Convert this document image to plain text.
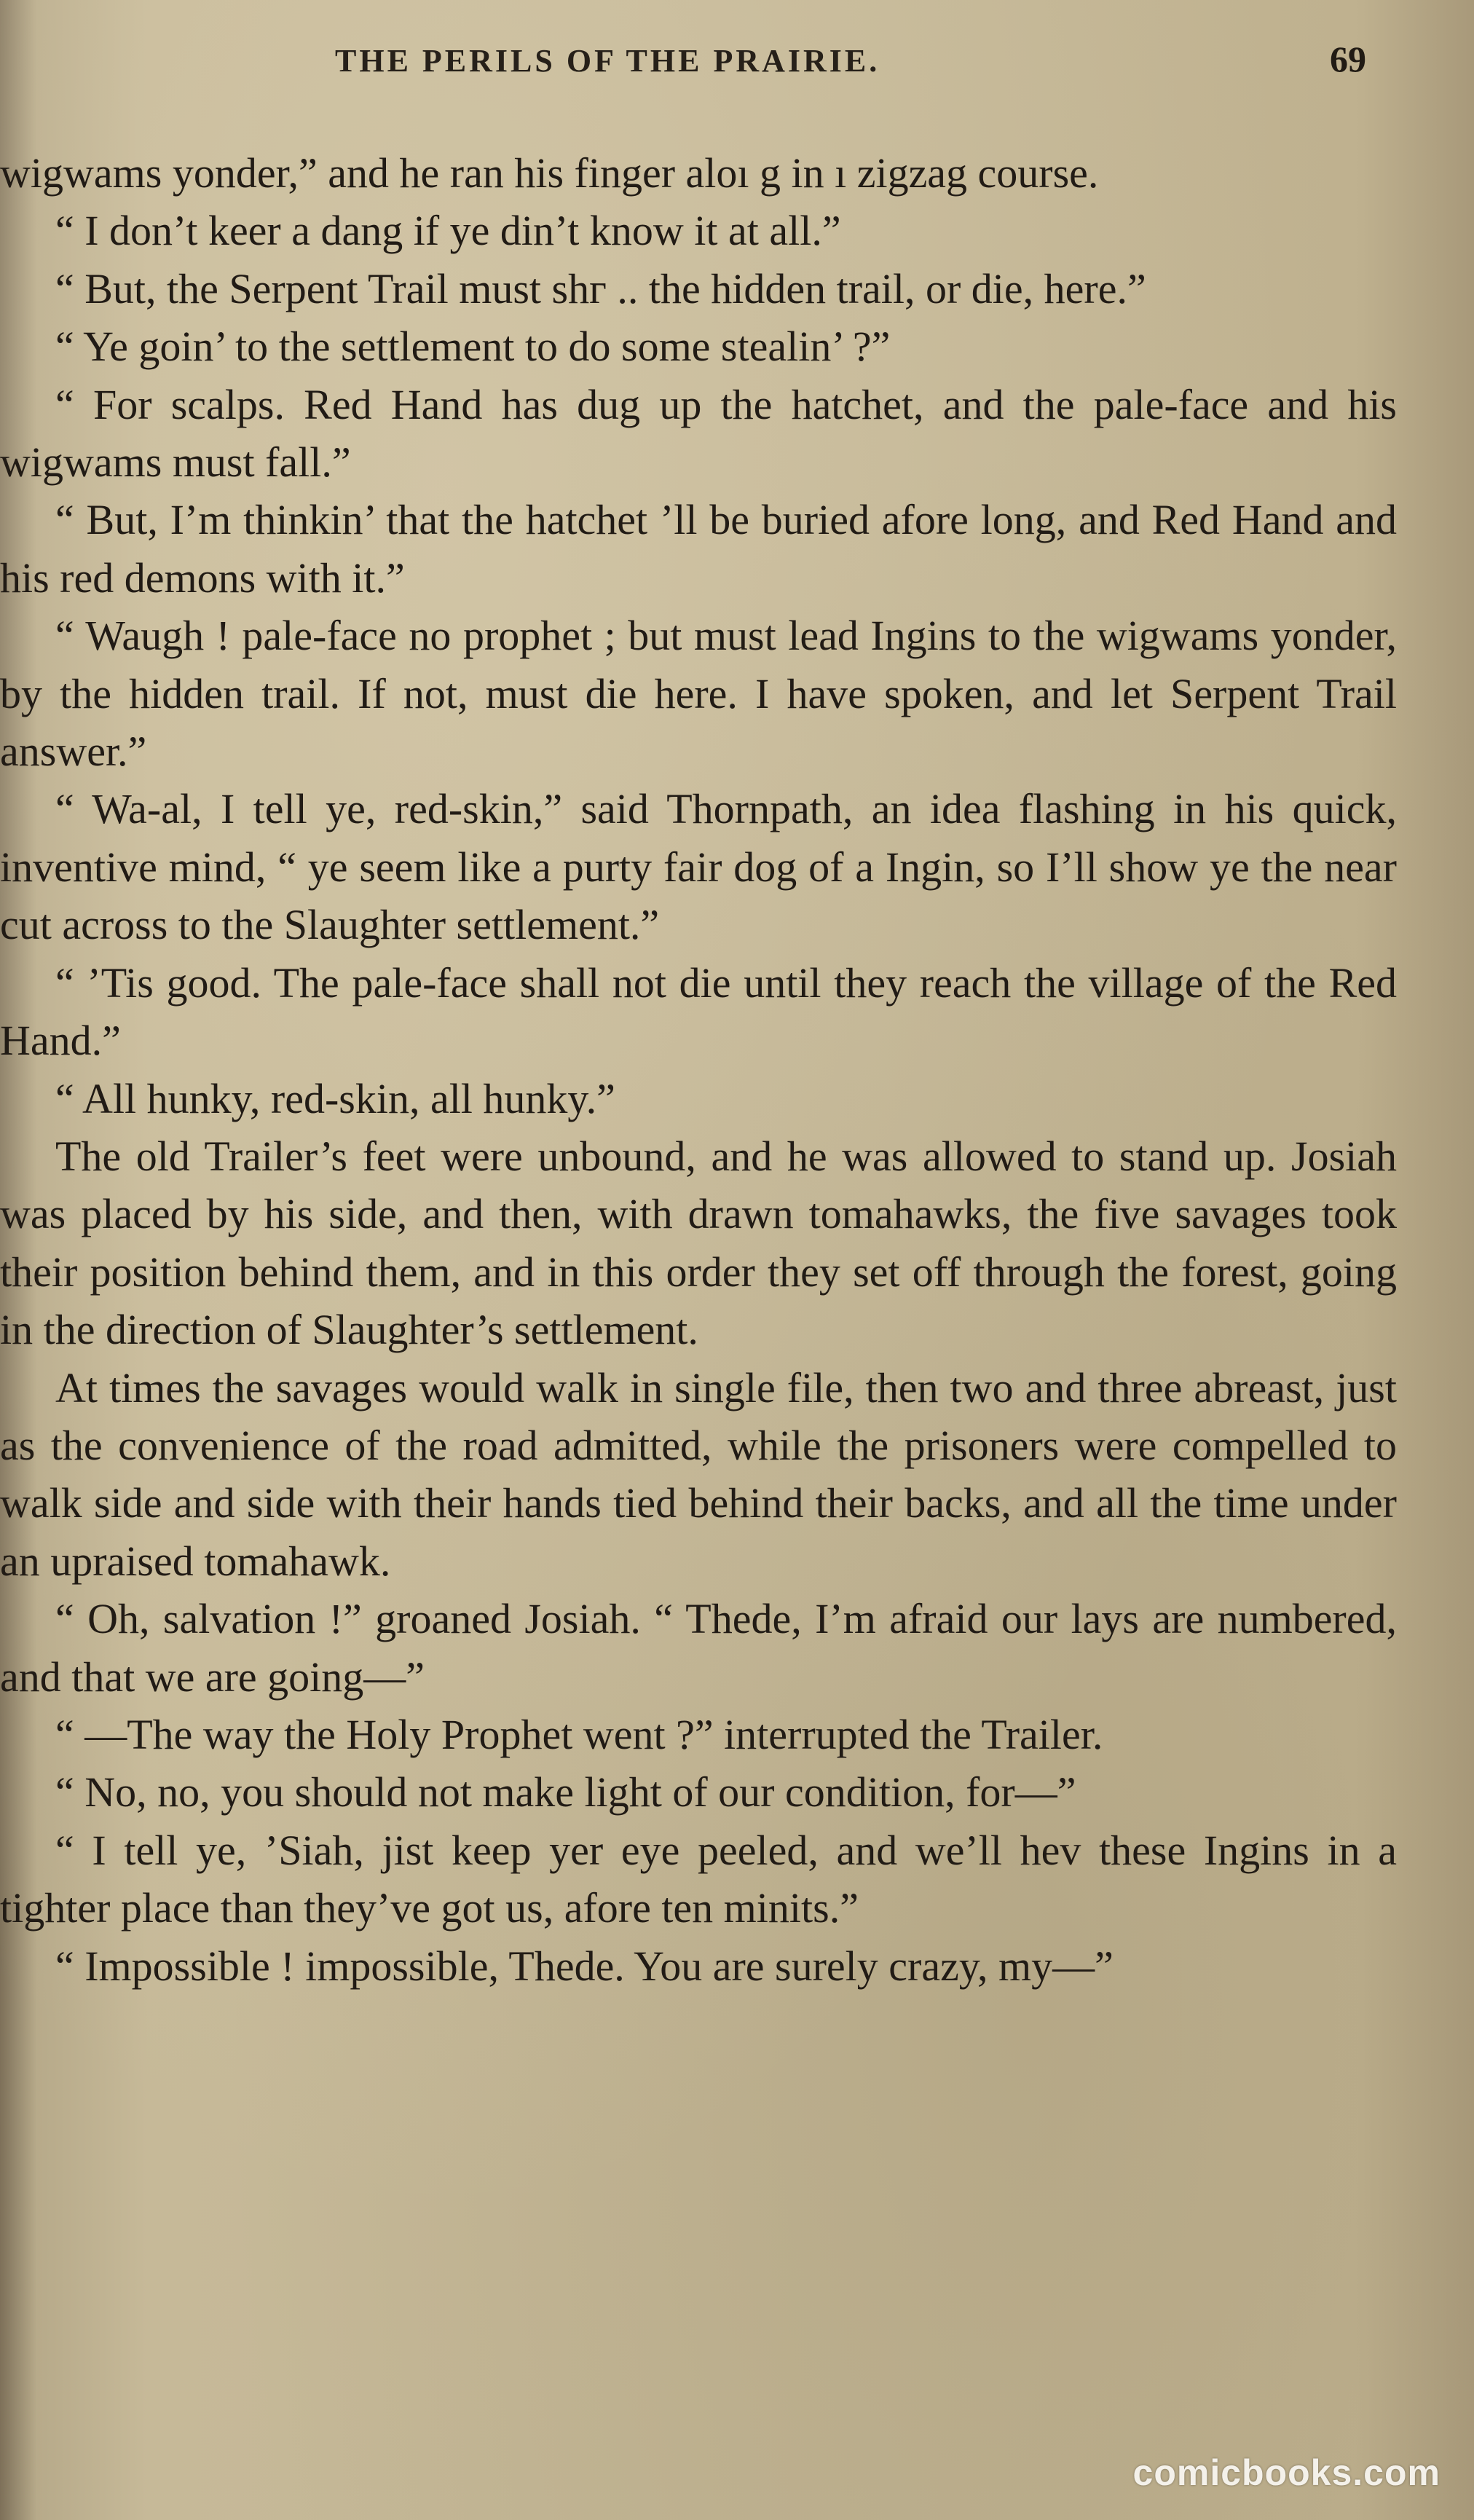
THE PERILS OF THE PRAIRIE.	69

wigwams yonder,” and he ran his finger aloı g in ı zigzag course.

“ I don’t keer a dang if ye din’t know it at all.”

“ But, the Serpent Trail must shг .. the hidden trail, or die, here.”

“ Ye goin’ to the settlement to do some stealin’ ?”

“ For scalps. Red Hand has dug up the hatchet, and the pale-face and his wigwams must fall.”

“ But, I’m thinkin’ that the hatchet ’ll be buried afore long, and Red Hand and his red demons with it.”

“ Waugh ! pale-face no prophet ; but must lead Ingins to the wigwams yonder, by the hidden trail. If not, must die here. I have spoken, and let Serpent Trail answer.”

“ Wa-al, I tell ye, red-skin,” said Thornpath, an idea flashing in his quick, inventive mind, “ ye seem like a purty fair dog of a Ingin, so I’ll show ye the near cut across to the Slaughter settlement.”

“ ’Tis good. The pale-face shall not die until they reach the village of the Red Hand.”

“ All hunky, red-skin, all hunky.”

The old Trailer’s feet were unbound, and he was allowed to stand up. Josiah was placed by his side, and then, with drawn tomahawks, the five savages took their position behind them, and in this order they set off through the forest, going in the direction of Slaughter’s settlement.

At times the savages would walk in single file, then two and three abreast, just as the convenience of the road admitted, while the prisoners were compelled to walk side and side with their hands tied behind their backs, and all the time under an upraised tomahawk.

“ Oh, salvation !” groaned Josiah. “ Thede, I’m afraid our lays are numbered, and that we are going—”

“ —The way the Holy Prophet went ?” interrupted the Trailer.

“ No, no, you should not make light of our condition, for—”

“ I tell ye, ’Siah, jist keep yer eye peeled, and we’ll hev these Ingins in a tighter place than they’ve got us, afore ten minits.”

“ Impossible ! impossible, Thede. You are surely crazy, my—”

comicbooks.com
